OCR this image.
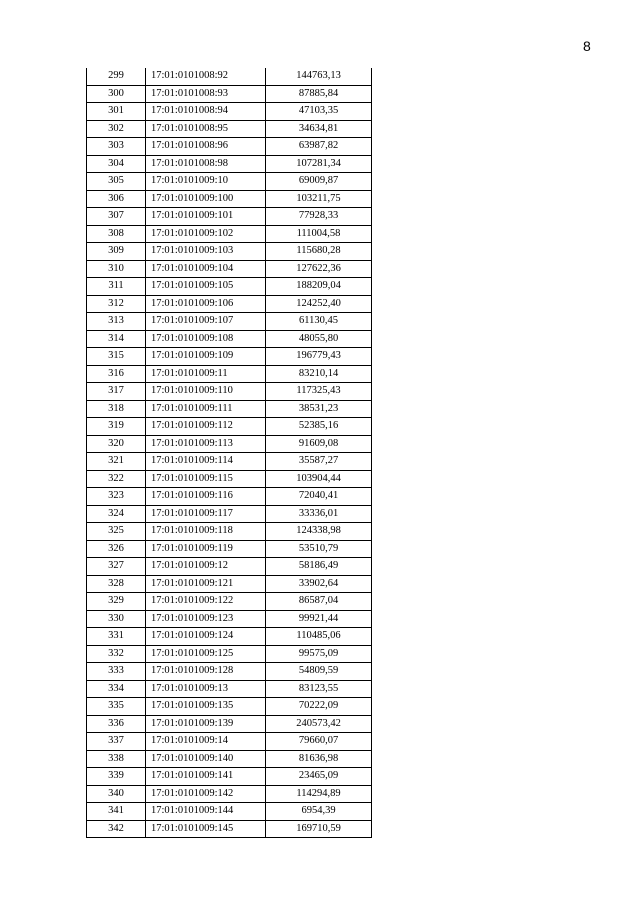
8
299	17:01:0101008:92	144763,13
300	17:01:0101008:93	87885,84
301	17:01:0101008:94	47103,35
302	17:01:0101008:95	34634,81
303	17:01:0101008:96	63987,82
304	17:01:0101008:98	107281,34
305	17:01:0101009:10	69009,87
306	17:01:0101009:100	103211,75
307	17:01:0101009:101	77928,33
308	17:01:0101009:102	111004,58
309	17:01:0101009:103	115680,28
310	17:01:0101009:104	127622,36
311	17:01:0101009:105	188209,04
312	17:01:0101009:106	124252,40
313	17:01:0101009:107	61130,45
314	17:01:0101009:108	48055,80
315	17:01:0101009:109	196779,43
316	17:01:0101009:11	83210,14
317	17:01:0101009:110	117325,43
318	17:01:0101009:111	38531,23
319	17:01:0101009:112	52385,16
320	17:01:0101009:113	91609,08
321	17:01:0101009:114	35587,27
322	17:01:0101009:115	103904,44
323	17:01:0101009:116	72040,41
324	17:01:0101009:117	33336,01
325	17:01:0101009:118	124338,98
326	17:01:0101009:119	53510,79
327	17:01:0101009:12	58186,49
328	17:01:0101009:121	33902,64
329	17:01:0101009:122	86587,04
330	17:01:0101009:123	99921,44
331	17:01:0101009:124	110485,06
332	17:01:0101009:125	99575,09
333	17:01:0101009:128	54809,59
334	17:01:0101009:13	83123,55
335	17:01:0101009:135	70222,09
336	17:01:0101009:139	240573,42
337	17:01:0101009:14	79660,07
338	17:01:0101009:140	81636,98
339	17:01:0101009:141	23465,09
340	17:01:0101009:142	114294,89
341	17:01:0101009:144	6954,39
342	17:01:0101009:145	169710,59
